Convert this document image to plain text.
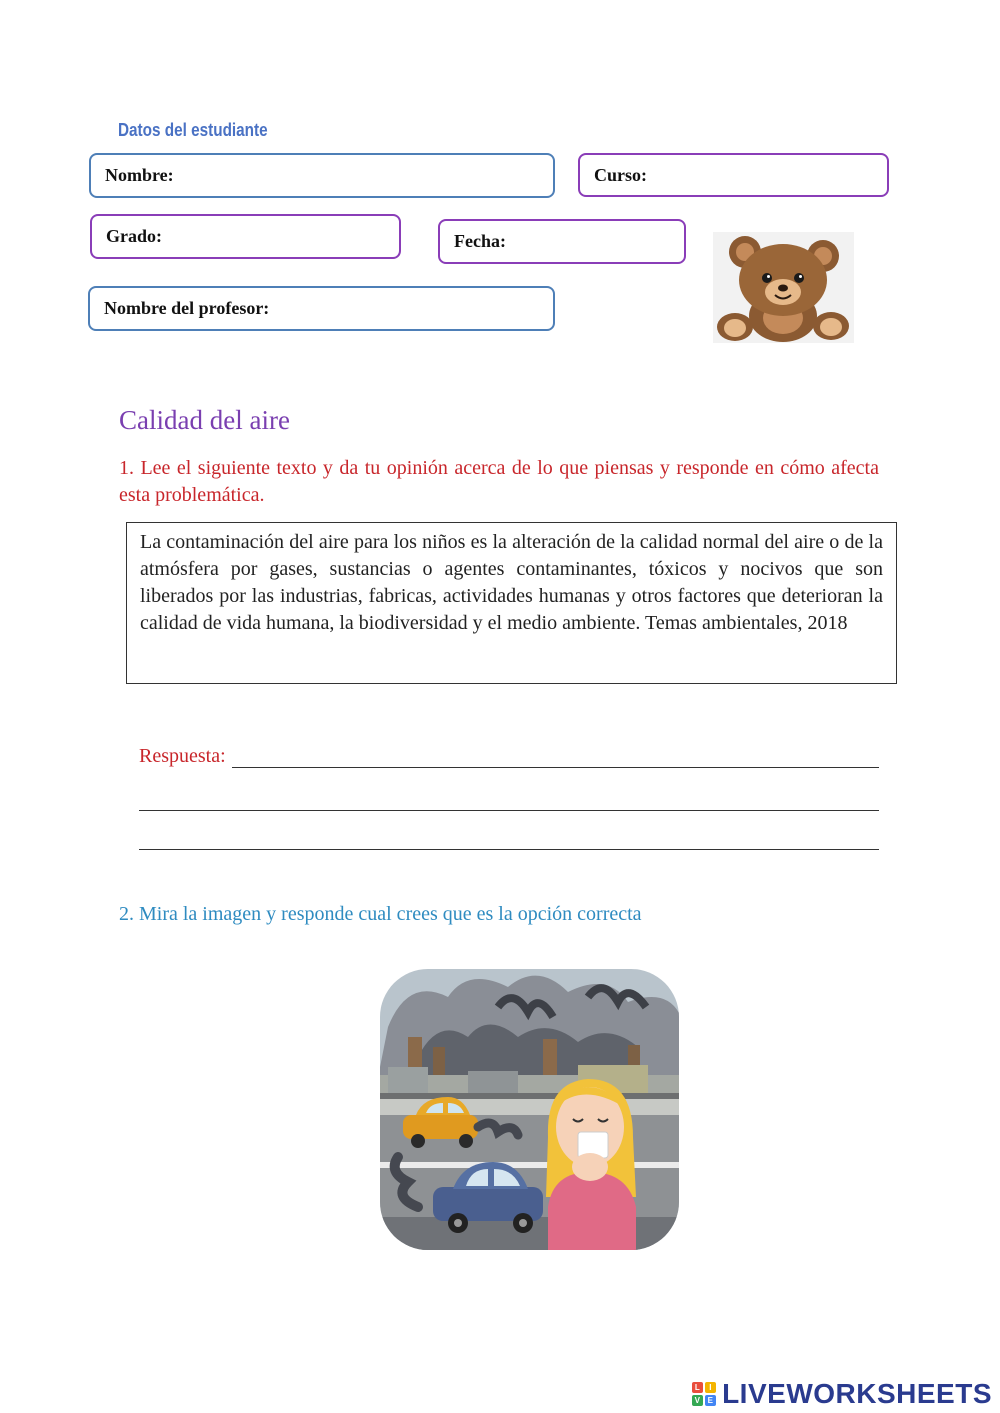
Datos del estudiante
Nombre:	Curso:
Grado:	Fecha:
Nombre del profesor:
Calidad del aire
1. Lee el siguiente texto y da tu opinión acerca de lo que piensas y responde en cómo afecta esta problemática.

La contaminación del aire para los niños es la alteración de la calidad normal del aire o de la atmósfera por gases, sustancias o agentes contaminantes, tóxicos y nocivos que son liberados por las industrias, fabricas, actividades humanas y otros factores que deterioran la calidad de vida humana, la biodiversidad y el medio ambiente. Temas ambientales, 2018

Respuesta:
2. Mira la imagen y responde cual crees que es la opción correcta
L	I
V E LIVEWORKSHEETS
